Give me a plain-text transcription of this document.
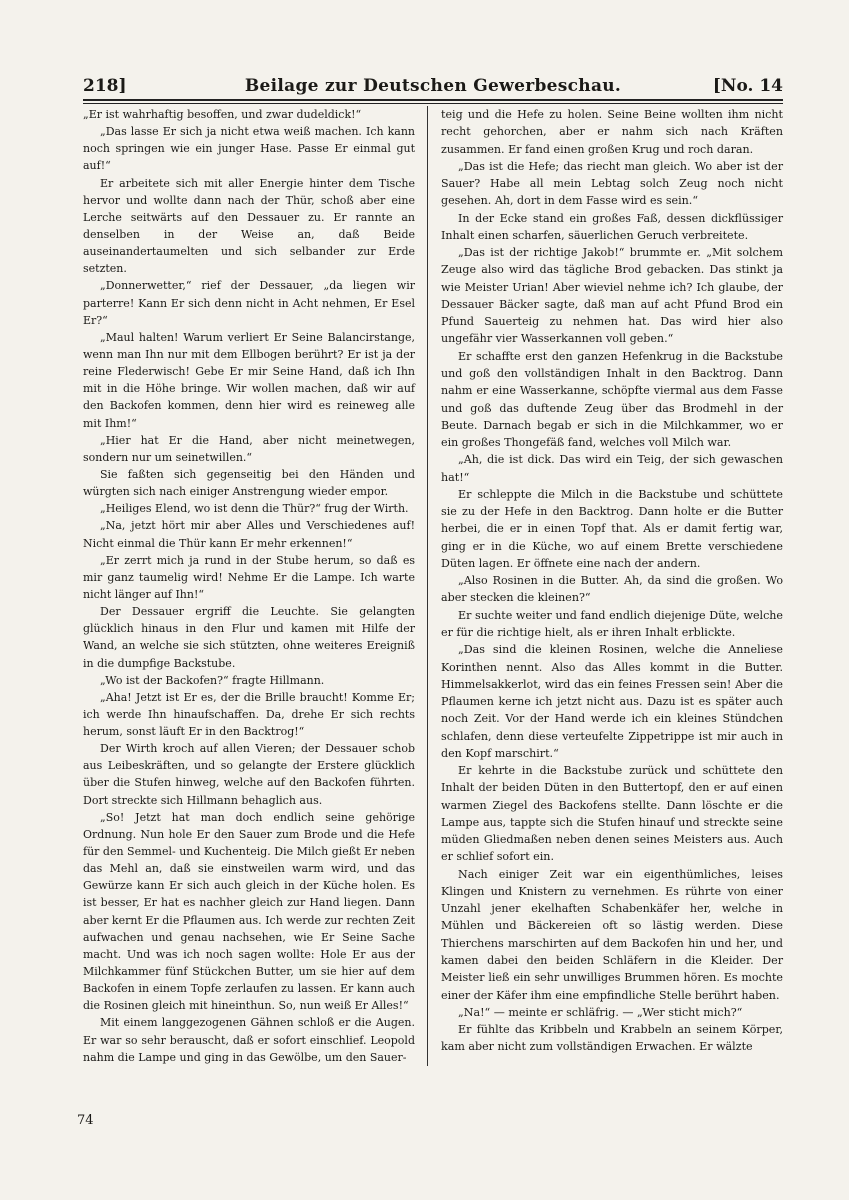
218]	Beilage zur Deutschen Gewerbeschau.	[No. 14

„Er ist wahrhaftig besoffen, und zwar dudeldick!“

„Das lasse Er sich ja nicht etwa weiß machen. Ich kann noch springen wie ein junger Hase. Passe Er einmal gut auf!“

Er arbeitete sich mit aller Energie hinter dem Tische hervor und wollte dann nach der Thür, schoß aber eine Lerche seitwärts auf den Dessauer zu. Er rannte an denselben in der Weise an, daß Beide auseinandertaumelten und sich selbander zur Erde setzten.

„Donnerwetter,“ rief der Dessauer, „da liegen wir parterre! Kann Er sich denn nicht in Acht nehmen, Er Esel Er?“

„Maul halten! Warum verliert Er Seine Balancirstange, wenn man Ihn nur mit dem Ellbogen berührt? Er ist ja der reine Flederwisch! Gebe Er mir Seine Hand, daß ich Ihn mit in die Höhe bringe. Wir wollen machen, daß wir auf den Backofen kommen, denn hier wird es reineweg alle mit Ihm!“

„Hier hat Er die Hand, aber nicht meinetwegen, sondern nur um seinetwillen.“

Sie faßten sich gegenseitig bei den Händen und würgten sich nach einiger Anstrengung wieder empor.

„Heiliges Elend, wo ist denn die Thür?“ frug der Wirth.

„Na, jetzt hört mir aber Alles und Verschiedenes auf! Nicht einmal die Thür kann Er mehr erkennen!“

„Er zerrt mich ja rund in der Stube herum, so daß es mir ganz taumelig wird! Nehme Er die Lampe. Ich warte nicht länger auf Ihn!“

Der Dessauer ergriff die Leuchte. Sie gelangten glücklich hinaus in den Flur und kamen mit Hilfe der Wand, an welche sie sich stützten, ohne weiteres Ereigniß in die dumpfige Backstube.

„Wo ist der Backofen?“ fragte Hillmann.

„Aha! Jetzt ist Er es, der die Brille braucht! Komme Er; ich werde Ihn hinaufschaffen. Da, drehe Er sich rechts herum, sonst läuft Er in den Backtrog!“

Der Wirth kroch auf allen Vieren; der Dessauer schob aus Leibeskräften, und so gelangte der Erstere glücklich über die Stufen hinweg, welche auf den Backofen führten. Dort streckte sich Hillmann behaglich aus.

„So! Jetzt hat man doch endlich seine gehörige Ordnung. Nun hole Er den Sauer zum Brode und die Hefe für den Semmel- und Kuchenteig. Die Milch gießt Er neben das Mehl an, daß sie einstweilen warm wird, und das Gewürze kann Er sich auch gleich in der Küche holen. Es ist besser, Er hat es nachher gleich zur Hand liegen. Dann aber kernt Er die Pflaumen aus. Ich werde zur rechten Zeit aufwachen und genau nachsehen, wie Er Seine Sache macht. Und was ich noch sagen wollte: Hole Er aus der Milchkammer fünf Stückchen Butter, um sie hier auf dem Backofen in einem Topfe zerlaufen zu lassen. Er kann auch die Rosinen gleich mit hineinthun. So, nun weiß Er Alles!“

Mit einem langgezogenen Gähnen schloß er die Augen. Er war so sehr berauscht, daß er sofort einschlief. Leopold nahm die Lampe und ging in das Gewölbe, um den Sauer-

teig und die Hefe zu holen. Seine Beine wollten ihm nicht recht gehorchen, aber er nahm sich nach Kräften zusammen. Er fand einen großen Krug und roch daran.

„Das ist die Hefe; das riecht man gleich. Wo aber ist der Sauer? Habe all mein Lebtag solch Zeug noch nicht gesehen. Ah, dort in dem Fasse wird es sein.“

In der Ecke stand ein großes Faß, dessen dickflüssiger Inhalt einen scharfen, säuerlichen Geruch verbreitete.

„Das ist der richtige Jakob!“ brummte er. „Mit solchem Zeuge also wird das tägliche Brod gebacken. Das stinkt ja wie Meister Urian! Aber wieviel nehme ich? Ich glaube, der Dessauer Bäcker sagte, daß man auf acht Pfund Brod ein Pfund Sauerteig zu nehmen hat. Das wird hier also ungefähr vier Wasserkannen voll geben.“

Er schaffte erst den ganzen Hefenkrug in die Backstube und goß den vollständigen Inhalt in den Backtrog. Dann nahm er eine Wasserkanne, schöpfte viermal aus dem Fasse und goß das duftende Zeug über das Brodmehl in der Beute. Darnach begab er sich in die Milchkammer, wo er ein großes Thongefäß fand, welches voll Milch war.

„Ah, die ist dick. Das wird ein Teig, der sich gewaschen hat!“

Er schleppte die Milch in die Backstube und schüttete sie zu der Hefe in den Backtrog. Dann holte er die Butter herbei, die er in einen Topf that. Als er damit fertig war, ging er in die Küche, wo auf einem Brette verschiedene Düten lagen. Er öffnete eine nach der andern.

„Also Rosinen in die Butter. Ah, da sind die großen. Wo aber stecken die kleinen?“

Er suchte weiter und fand endlich diejenige Düte, welche er für die richtige hielt, als er ihren Inhalt erblickte.

„Das sind die kleinen Rosinen, welche die Anneliese Korinthen nennt. Also das Alles kommt in die Butter. Himmelsakkerlot, wird das ein feines Fressen sein! Aber die Pflaumen kerne ich jetzt nicht aus. Dazu ist es später auch noch Zeit. Vor der Hand werde ich ein kleines Stündchen schlafen, denn diese verteufelte Zippetrippe ist mir auch in den Kopf marschirt.“

Er kehrte in die Backstube zurück und schüttete den Inhalt der beiden Düten in den Buttertopf, den er auf einen warmen Ziegel des Backofens stellte. Dann löschte er die Lampe aus, tappte sich die Stufen hinauf und streckte seine müden Gliedmaßen neben denen seines Meisters aus. Auch er schlief sofort ein.

Nach einiger Zeit war ein eigenthümliches, leises Klingen und Knistern zu vernehmen. Es rührte von einer Unzahl jener ekelhaften Schabenkäfer her, welche in Mühlen und Bäckereien oft so lästig werden. Diese Thierchens marschirten auf dem Backofen hin und her, und kamen dabei den beiden Schläfern in die Kleider. Der Meister ließ ein sehr unwilliges Brummen hören. Es mochte einer der Käfer ihm eine empfindliche Stelle berührt haben.

„Na!“ — meinte er schläfrig. — „Wer sticht mich?“

Er fühlte das Kribbeln und Krabbeln an seinem Körper, kam aber nicht zum vollständigen Erwachen. Er wälzte

74
